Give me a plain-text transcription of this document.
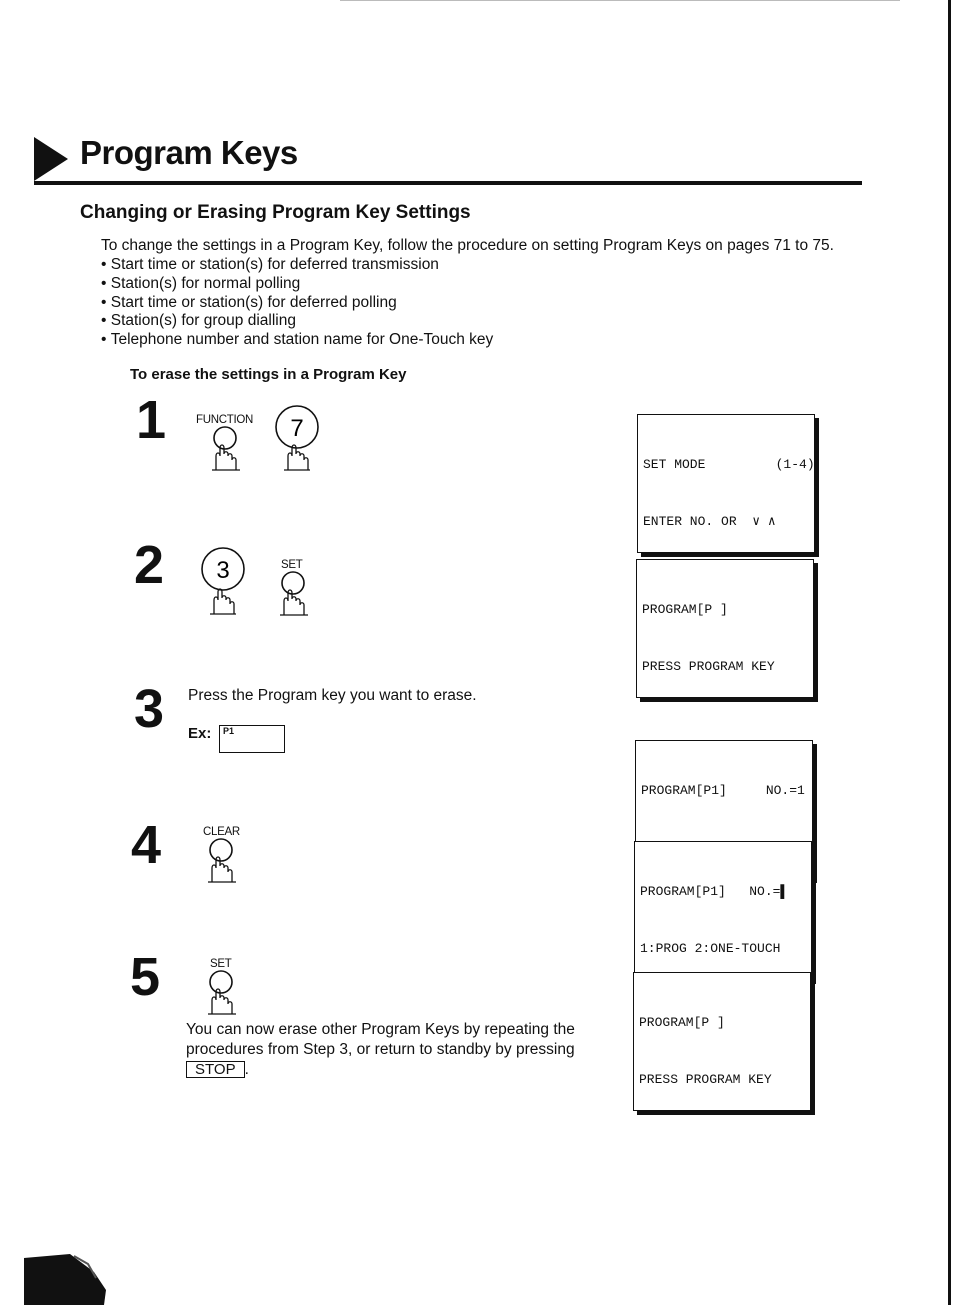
Program Keys
Changing or Erasing Program Key Settings
To change the settings in a Program Key, follow the procedure on setting Program Keys on pages 71 to 75.
• Start time or station(s) for deferred transmission
• Station(s) for normal polling
• Start time or station(s) for deferred polling
• Station(s) for group dialling
• Telephone number and station name for One-Touch key
To erase the settings in a Program Key
1	FUNCTION 7

SET MODE         (1-4)

ENTER NO. OR  ∨ ∧

2 3	SET

PROGRAM[P ]

PRESS PROGRAM KEY

3 Press the Program key you want to erase.
Ex: P1

PROGRAM[P1]     NO.=1

4	CLEAR

PROGRAM[P1]   NO.=▌

1:PROG 2:ONE-TOUCH

5	SET
You can now erase other Program Keys by repeating the
procedures from Step 3, or return to standby by pressing
STOP .

PROGRAM[P ]

PRESS PROGRAM KEY
